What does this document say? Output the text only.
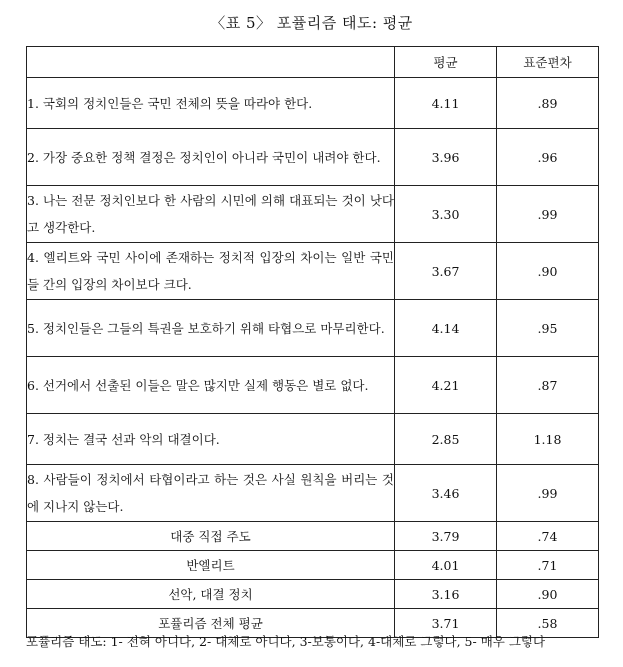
〈표 5〉 포퓰리즘 태도: 평균
	평균	표준편차
1. 국회의 정치인들은 국민 전체의 뜻을 따라야 한다.	4.11	.89
2. 가장 중요한 정책 결정은 정치인이 아니라 국민이 내려야 한다.	3.96	.96
3. 나는 전문 정치인보다 한 사람의 시민에 의해 대표되는 것이 낫다고 생각한다.	3.30	.99
4. 엘리트와 국민 사이에 존재하는 정치적 입장의 차이는 일반 국민들 간의 입장의 차이보다 크다.	3.67	.90
5. 정치인들은 그들의 특권을 보호하기 위해 타협으로 마무리한다.	4.14	.95
6. 선거에서 선출된 이들은 말은 많지만 실제 행동은 별로 없다.	4.21	.87
7. 정치는 결국 선과 악의 대결이다.	2.85	1.18
8. 사람들이 정치에서 타협이라고 하는 것은 사실 원칙을 버리는 것에 지나지 않는다.	3.46	.99
대중 직접 주도	3.79	.74
반엘리트	4.01	.71
선악, 대결 정치	3.16	.90
포퓰리즘 전체 평균	3.71	.58
포퓰리즘 태도: 1- 전혀 아니다, 2- 대체로 아니다, 3-보통이다, 4-대체로 그렇다, 5- 매우 그렇다
